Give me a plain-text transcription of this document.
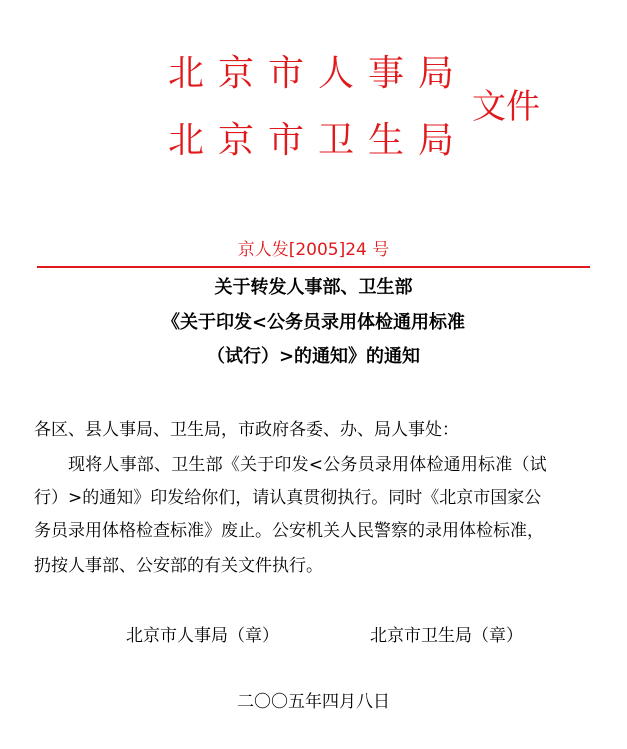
北京市人事局
北京市卫生局
文件
京人发[2005]24 号
关于转发人事部、卫生部
《关于印发<公务员录用体检通用标准
（试行）>的通知》的通知
各区、县人事局、卫生局，市政府各委、办、局人事处：
现将人事部、卫生部《关于印发<公务员录用体检通用标准（试
行）>的通知》印发给你们，请认真贯彻执行。同时《北京市国家公
务员录用体格检查标准》废止。公安机关人民警察的录用体检标准，
扔按人事部、公安部的有关文件执行。
北京市人事局（章）	北京市卫生局（章）
二〇〇五年四月八日
